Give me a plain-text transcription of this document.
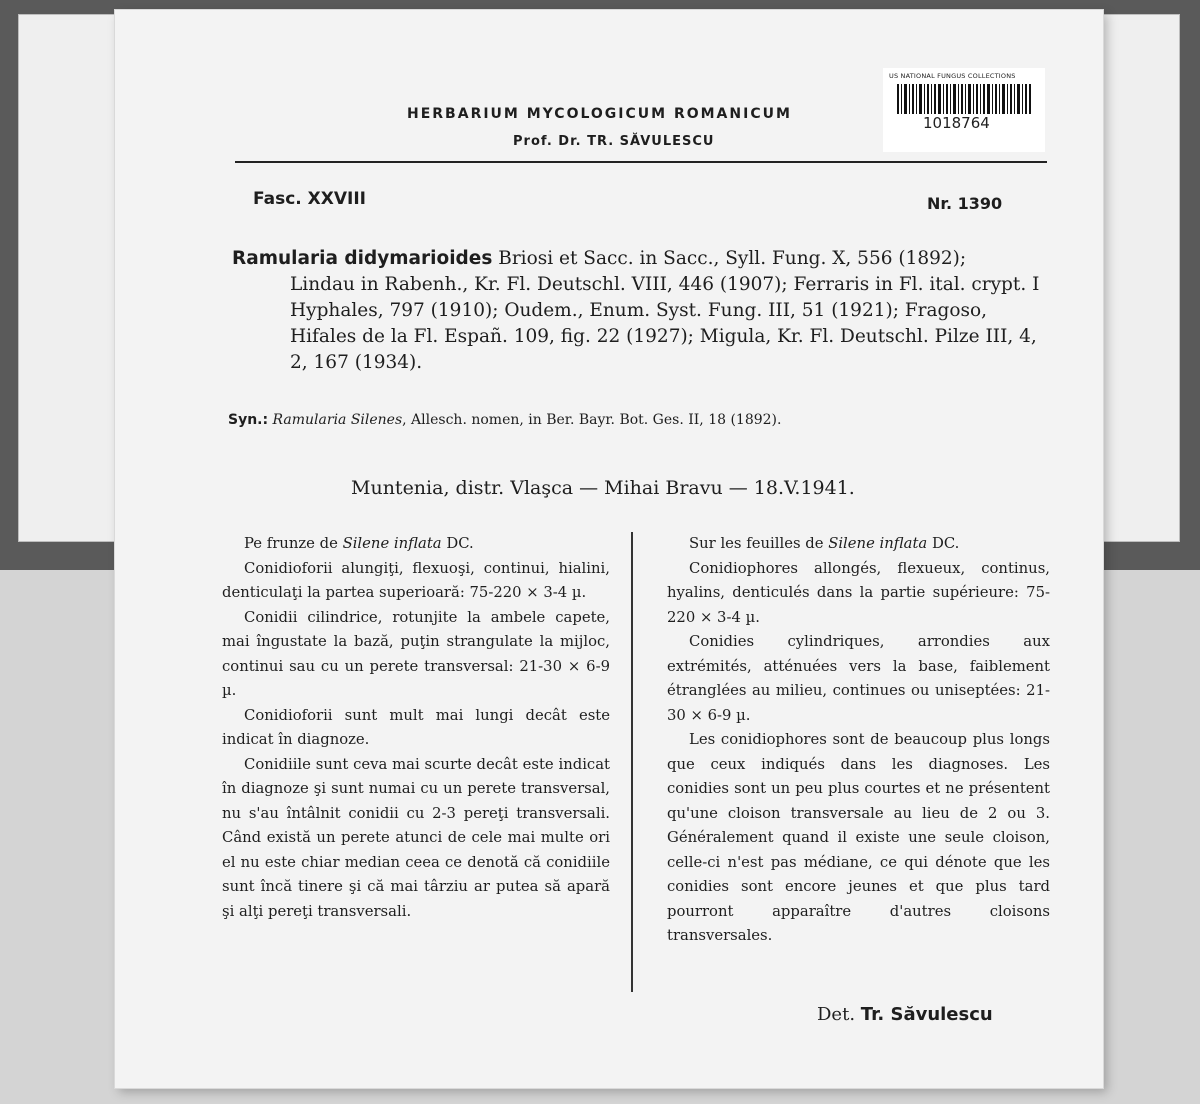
US NATIONAL FUNGUS COLLECTIONS
1018764
HERBARIUM MYCOLOGICUM ROMANICUM
Prof. Dr. TR. SĂVULESCU
Fasc. XXVIII	Nr. 1390
Ramularia didymarioides Briosi et Sacc. in Sacc., Syll. Fung. X, 556 (1892);
Lindau in Rabenh., Kr. Fl. Deutschl. VIII, 446 (1907); Ferraris in Fl. ital. crypt. I Hyphales, 797 (1910); Oudem., Enum. Syst. Fung. III, 51 (1921); Fragoso, Hifales de la Fl. Españ. 109, fig. 22 (1927); Migula, Kr. Fl. Deutschl. Pilze III, 4, 2, 167 (1934).
Syn.: Ramularia Silenes, Allesch. nomen, in Ber. Bayr. Bot. Ges. II, 18 (1892).
Muntenia, distr. Vlaşca — Mihai Bravu — 18.V.1941.

Pe frunze de Silene inflata DC.

Conidioforii alungiţi, flexuoşi, continui, hialini, denticulaţi la partea superioară: 75-220 × 3-4 µ.

Conidii cilindrice, rotunjite la ambele capete, mai îngustate la bază, puţin strangulate la mijloc, continui sau cu un perete transversal: 21-30 × 6-9 µ.

Conidioforii sunt mult mai lungi decât este indicat în diagnoze.

Conidiile sunt ceva mai scurte decât este indicat în diagnoze şi sunt numai cu un perete transversal, nu s'au întâlnit conidii cu 2-3 pereţi transversali. Când există un perete atunci de cele mai multe ori el nu este chiar median ceea ce denotă că conidiile sunt încă tinere şi că mai târziu ar putea să apară şi alţi pereţi transversali.

Sur les feuilles de Silene inflata DC.

Conidiophores allongés, flexueux, continus, hyalins, denticulés dans la partie supérieure: 75-220 × 3-4 µ.

Conidies cylindriques, arrondies aux extrémités, atténuées vers la base, faiblement étranglées au milieu, continues ou uniseptées: 21-30 × 6-9 µ.

Les conidiophores sont de beaucoup plus longs que ceux indiqués dans les diagnoses. Les conidies sont un peu plus courtes et ne présentent qu'une cloison transversale au lieu de 2 ou 3. Généralement quand il existe une seule cloison, celle-ci n'est pas médiane, ce qui dénote que les conidies sont encore jeunes et que plus tard pourront apparaître d'autres cloisons transversales.

Det. Tr. Săvulescu
